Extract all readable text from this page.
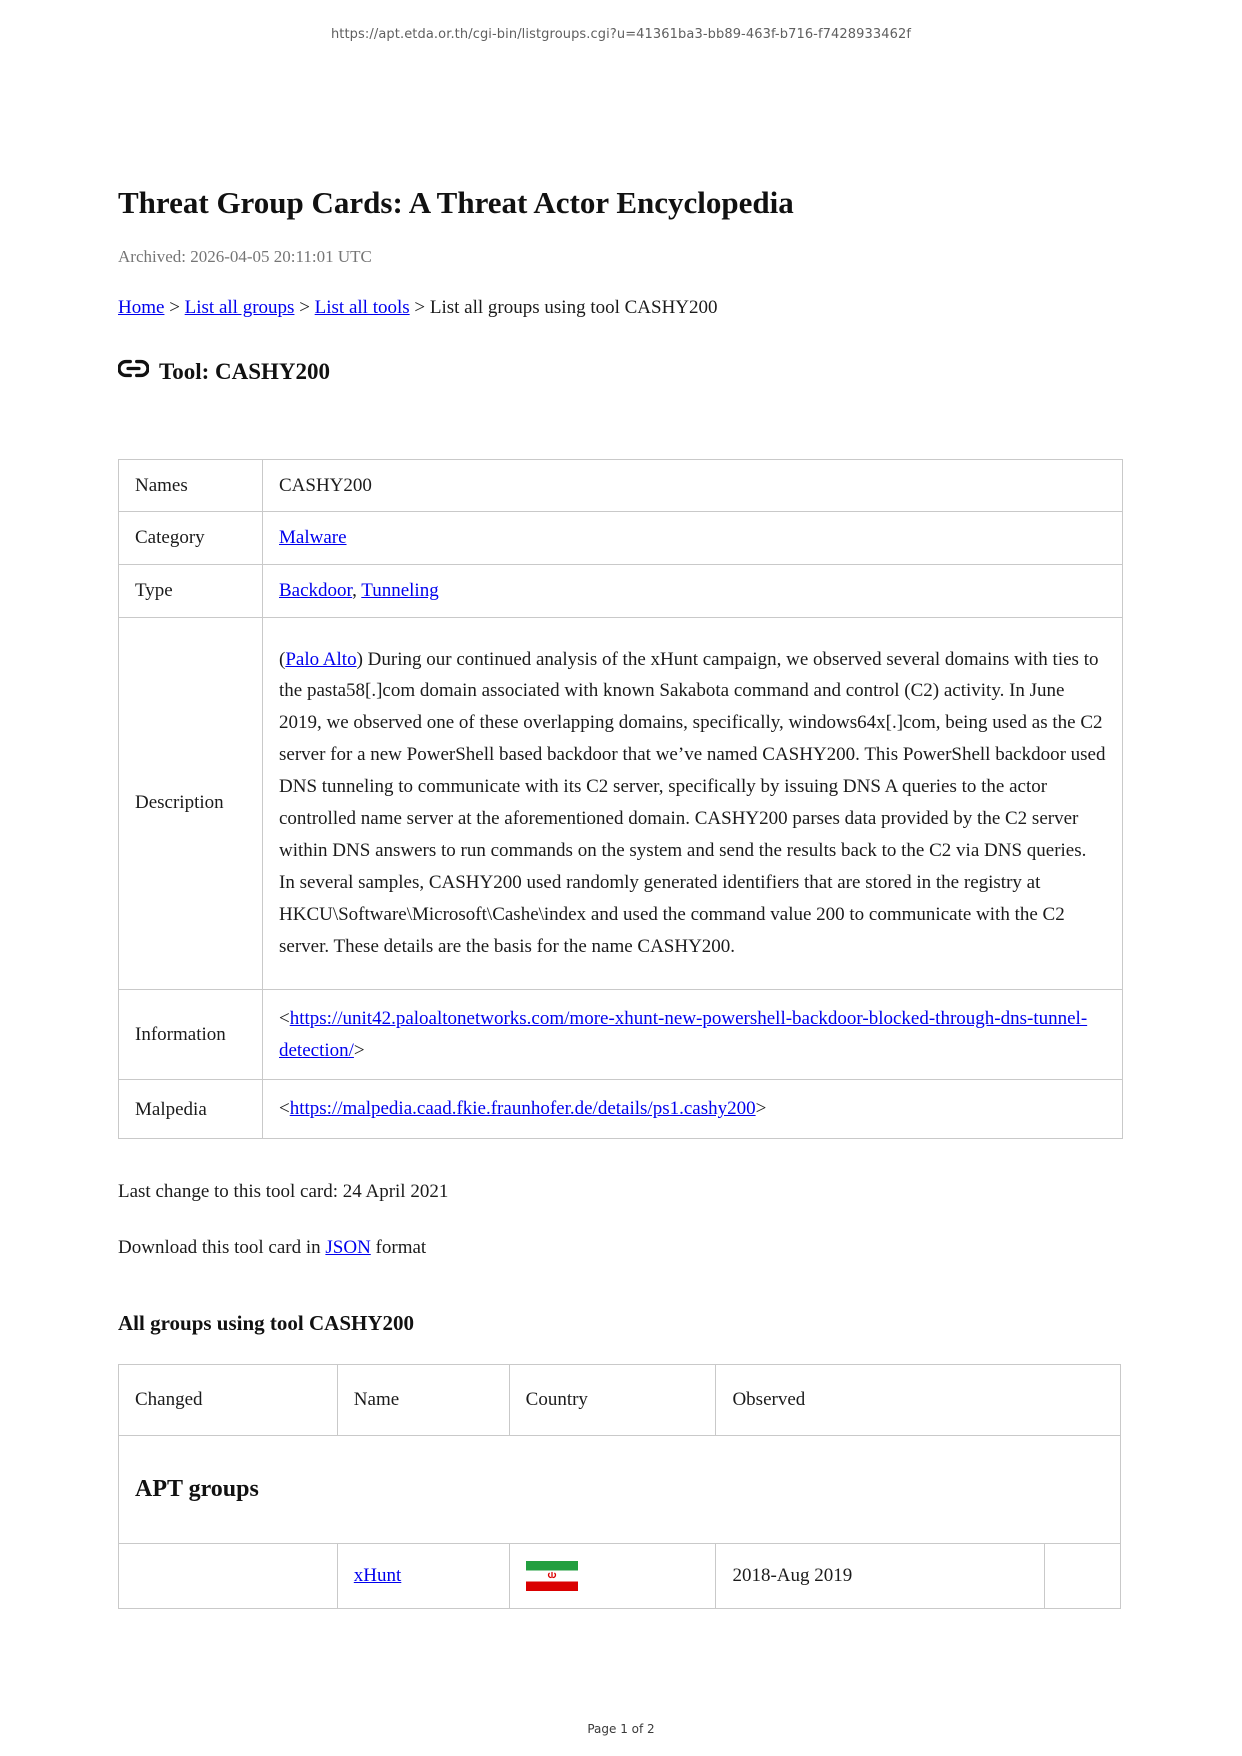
https://apt.etda.or.th/cgi-bin/listgroups.cgi?u=41361ba3-bb89-463f-b716-f7428933462f
Threat Group Cards: A Threat Actor Encyclopedia
Archived: 2026-04-05 20:11:01 UTC
Home > List all groups > List all tools > List all groups using tool CASHY200
Tool: CASHY200
Names	CASHY200
Category	Malware
Type	Backdoor, Tunneling
Description	(Palo Alto) During our continued analysis of the xHunt campaign, we observed several domains with ties to the pasta58[.]com domain associated with known Sakabota command and control (C2) activity. In June 2019, we observed one of these overlapping domains, specifically, windows64x[.]com, being used as the C2 server for a new PowerShell based backdoor that we’ve named CASHY200. This PowerShell backdoor used DNS tunneling to communicate with its C2 server, specifically by issuing DNS A queries to the actor controlled name server at the aforementioned domain. CASHY200 parses data provided by the C2 server within DNS answers to run commands on the system and send the results back to the C2 via DNS queries. In several samples, CASHY200 used randomly generated identifiers that are stored in the registry at HKCU\Software\Microsoft\Cashe\index and used the command value 200 to communicate with the C2 server. These details are the basis for the name CASHY200.
Information	<https://unit42.paloaltonetworks.com/more-xhunt-new-powershell-backdoor-blocked-through-dns-tunnel-detection/>
Malpedia	<https://malpedia.caad.fkie.fraunhofer.de/details/ps1.cashy200>
Last change to this tool card: 24 April 2021
Download this tool card in JSON format
All groups using tool CASHY200
Changed	Name	Country	Observed	
APT groups				
	xHunt		2018-Aug 2019	
Page 1 of 2
